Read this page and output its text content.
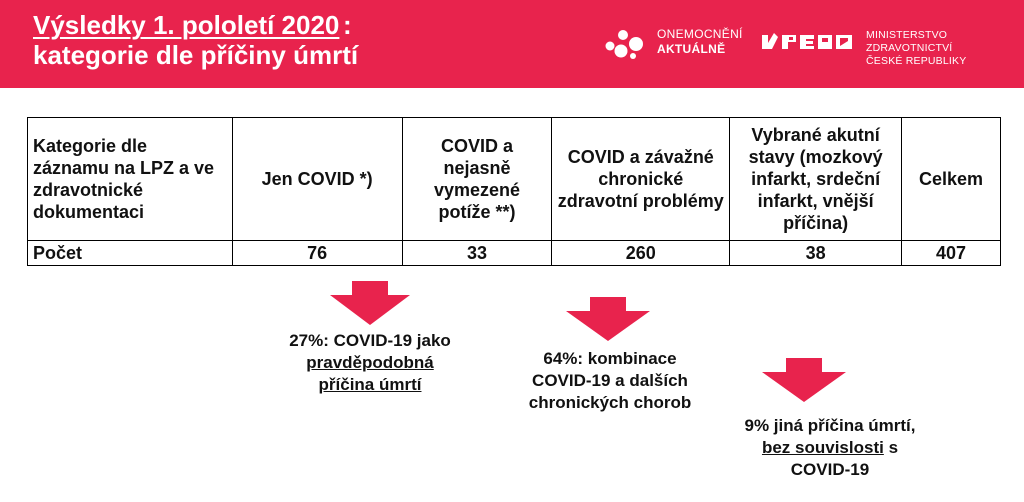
Výsledky 1. pololetí 2020 :
kategorie dle příčiny úmrtí
ONEMOCNĚNÍ
AKTUÁLNĚ
MINISTERSTVO ZDRAVOTNICTVÍ
ČESKÉ REPUBLIKY
Kategorie dle záznamu na LPZ a ve zdravotnické dokumentaci	Jen COVID *)	COVID a nejasně vymezené potíže **)	COVID a závažné chronické zdravotní problémy	Vybrané akutní stavy (mozkový infarkt, srdeční infarkt, vnější příčina)	Celkem
Počet	76	33	260	38	407
27%: COVID-19 jako
pravděpodobná
příčina úmrtí
64%: kombinace
COVID-19 a dalších
chronických chorob
9% jiná příčina úmrtí,
bez souvislosti s
COVID-19
